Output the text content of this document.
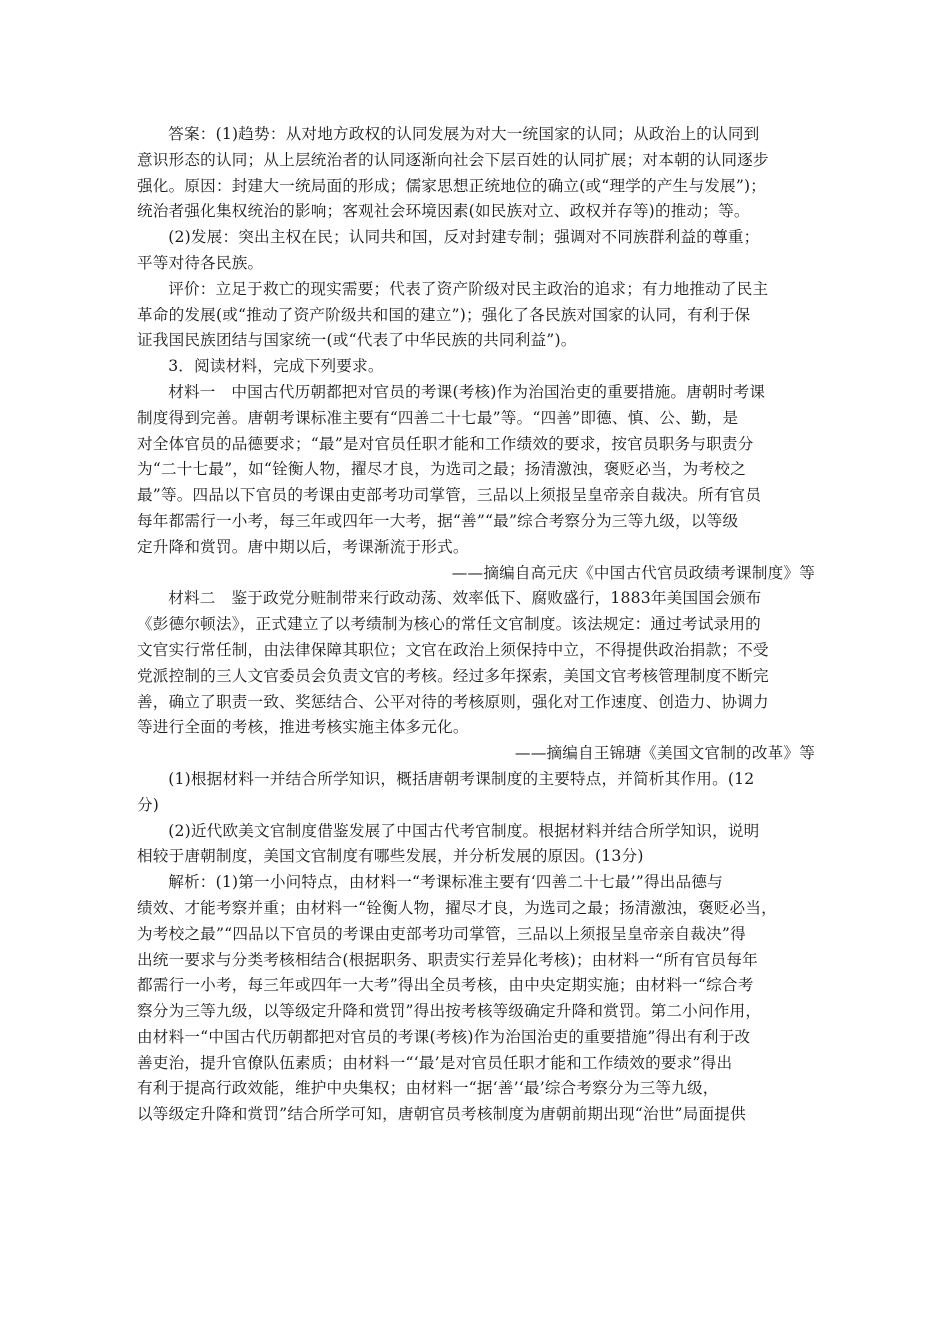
答案：(1)趋势：从对地方政权的认同发展为对大一统国家的认同；从政治上的认同到
意识形态的认同；从上层统治者的认同逐渐向社会下层百姓的认同扩展；对本朝的认同逐步
强化。原因：封建大一统局面的形成；儒家思想正统地位的确立(或“理学的产生与发展”)；
统治者强化集权统治的影响；客观社会环境因素(如民族对立、政权并存等)的推动；等。

(2)发展：突出主权在民；认同共和国，反对封建专制；强调对不同族群利益的尊重；
平等对待各民族。

评价：立足于救亡的现实需要；代表了资产阶级对民主政治的追求；有力地推动了民主
革命的发展(或“推动了资产阶级共和国的建立”)；强化了各民族对国家的认同，有利于保
证我国民族团结与国家统一(或“代表了中华民族的共同利益”)。

3．阅读材料，完成下列要求。

材料一　中国古代历朝都把对官员的考课(考核)作为治国治吏的重要措施。唐朝时考课
制度得到完善。唐朝考课标准主要有“四善二十七最”等。“四善”即德、慎、公、勤，是
对全体官员的品德要求；“最”是对官员任职才能和工作绩效的要求，按官员职务与职责分
为“二十七最”，如“铨衡人物，擢尽才良，为选司之最；扬清激浊，褒贬必当，为考校之
最”等。四品以下官员的考课由吏部考功司掌管，三品以上须报呈皇帝亲自裁决。所有官员
每年都需行一小考，每三年或四年一大考，据“善”“最”综合考察分为三等九级，以等级
定升降和赏罚。唐中期以后，考课渐流于形式。

——摘编自高元庆《中国古代官员政绩考课制度》等

材料二　鉴于政党分赃制带来行政动荡、效率低下、腐败盛行，1883年美国国会颁布
《彭德尔顿法》，正式建立了以考绩制为核心的常任文官制度。该法规定：通过考试录用的
文官实行常任制，由法律保障其职位；文官在政治上须保持中立，不得提供政治捐款；不受
党派控制的三人文官委员会负责文官的考核。经过多年探索，美国文官考核管理制度不断完
善，确立了职责一致、奖惩结合、公平对待的考核原则，强化对工作速度、创造力、协调力
等进行全面的考核，推进考核实施主体多元化。

——摘编自王锦瑭《美国文官制的改革》等

(1)根据材料一并结合所学知识，概括唐朝考课制度的主要特点，并简析其作用。(12
分)

(2)近代欧美文官制度借鉴发展了中国古代考官制度。根据材料并结合所学知识，说明
相较于唐朝制度，美国文官制度有哪些发展，并分析发展的原因。(13分)

解析：(1)第一小问特点，由材料一“考课标准主要有‘四善二十七最’”得出品德与
绩效、才能考察并重；由材料一“铨衡人物，擢尽才良，为选司之最；扬清激浊，褒贬必当，
为考校之最”“四品以下官员的考课由吏部考功司掌管，三品以上须报呈皇帝亲自裁决”得
出统一要求与分类考核相结合(根据职务、职责实行差异化考核)；由材料一“所有官员每年
都需行一小考，每三年或四年一大考”得出全员考核，由中央定期实施；由材料一“综合考
察分为三等九级，以等级定升降和赏罚”得出按考核等级确定升降和赏罚。第二小问作用，
由材料一“中国古代历朝都把对官员的考课(考核)作为治国治吏的重要措施”得出有利于改
善吏治，提升官僚队伍素质；由材料一“‘最’是对官员任职才能和工作绩效的要求”得出
有利于提高行政效能，维护中央集权；由材料一“据‘善’‘最’综合考察分为三等九级，
以等级定升降和赏罚”结合所学可知，唐朝官员考核制度为唐朝前期出现“治世”局面提供
